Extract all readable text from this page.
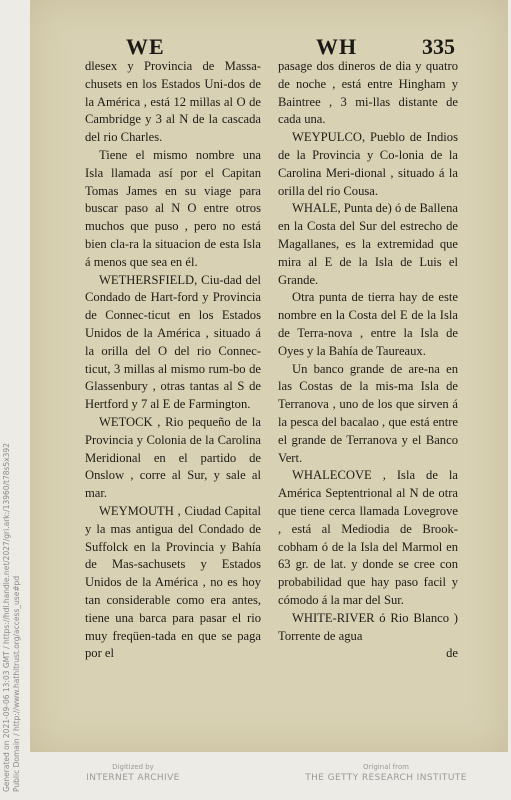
Generated on 2021-09-06 13:03 GMT / https://hdl.handle.net/2027/gri.ark:/13960/t78s5x392 Public Domain / http://www.hathitrust.org/access_use#pd
WE	WH	335

dlesex y Provincia de Massa-chusets en los Estados Uni-dos de la América , está 12 millas al O de Cambridge y 3 al N de la cascada del rio Charles.

Tiene el mismo nombre una Isla llamada así por el Capitan Tomas James en su viage para buscar paso al N O entre otros muchos que puso , pero no está bien cla-ra la situacion de esta Isla á menos que sea en él.

WETHERSFIELD, Ciu-dad del Condado de Hart-ford y Provincia de Connec-ticut en los Estados Unidos de la América , situado á la orilla del O del rio Connec-ticut, 3 millas al mismo rum-bo de Glassenbury , otras tantas al S de Hertford y 7 al E de Farmington.

WETOCK , Rio pequeño de la Provincia y Colonia de la Carolina Meridional en el partido de Onslow , corre al Sur, y sale al mar.

WEYMOUTH , Ciudad Capital y la mas antigua del Condado de Suffolck en la Provincia y Bahía de Mas-sachusets y Estados Unidos de la América , no es hoy tan considerable como era antes, tiene una barca para pasar el rio muy freqüen-tada en que se paga por el

pasage dos dineros de dia y quatro de noche , está entre Hingham y Baintree , 3 mi-llas distante de cada una.

WEYPULCO, Pueblo de Indios de la Provincia y Co-lonia de la Carolina Meri-dional , situado á la orilla del rio Cousa.

WHALE, Punta de) ó de Ballena en la Costa del Sur del estrecho de Magallanes, es la extremidad que mira al E de la Isla de Luis el Grande.

Otra punta de tierra hay de este nombre en la Costa del E de la Isla de Terra-nova , entre la Isla de Oyes y la Bahía de Taureaux.

Un banco grande de are-na en las Costas de la mis-ma Isla de Terranova , uno de los que sirven á la pesca del bacalao , que está entre el grande de Terranova y el Banco Vert.

WHALECOVE , Isla de la América Septentrional al N de otra que tiene cerca llamada Lovegrove , está al Mediodia de Brook-cobham ó de la Isla del Marmol en 63 gr. de lat. y donde se cree con probabilidad que hay paso facil y cómodo á la mar del Sur.

WHITE-RIVER ó Rio Blanco ) Torrente de agua

de

Digitized by
INTERNET ARCHIVE
Original from
THE GETTY RESEARCH INSTITUTE
